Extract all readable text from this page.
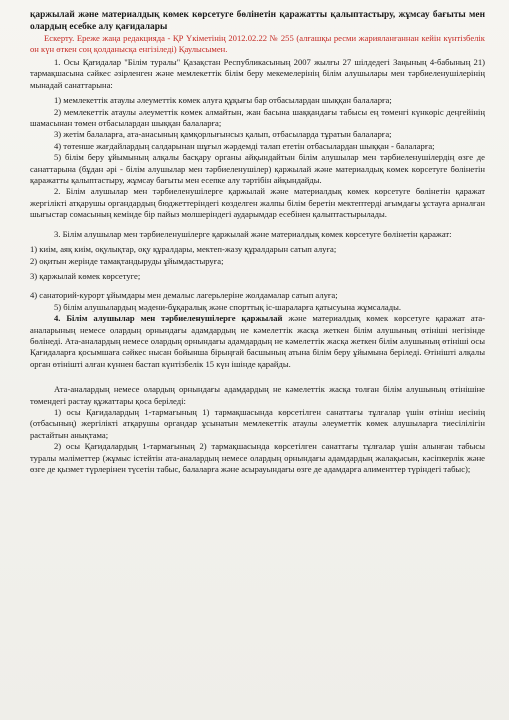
қаржылай және материалдық көмек көрсетуге бөлінетін қаражатты қалыптастыру, жұмсау бағыты мен олардың есебке алу қағидалары

Ескерту. Ереже жаңа редакцияда - ҚР Үкіметінің 2012.02.22 № 255 (алғашқы ресми жарияланғаннан кейін күнтізбелік он күн өткен соң қолданысқа енгізіледі) Қаулысымен.

1. Осы Қағидалар "Білім туралы" Қазақстан Республикасының 2007 жылғы 27 шілдедегі Заңының 4-бабының 21) тармақшасына сәйкес әзірленген және мемлекеттік білім беру мекемелерінің білім алушылары мен тәрбиеленушілерінің мынадай санаттарына:

1) мемлекеттік атаулы әлеуметтік көмек алуға құқығы бар отбасылардан шыққан балаларға;

2) мемлекеттік атаулы әлеуметтік көмек алмайтын, жан басына шаққандағы табысы ең төменгі күнкөріс деңгейінің шамасынан төмен отбасылардан шыққан балаларға;

3) жетім балаларға, ата-анасының қамқорлығынсыз қалып, отбасыларда тұратын балаларға;

4) төтенше жағдайлардың салдарынан шұғыл жәрдемді талап ететін отбасылардан шыққан - балаларға;

5) білім беру ұйымының алқалы басқару органы айқындайтын білім алушылар мен тәрбиеленушілердің өзге де санаттарына (бұдан әрі - білім алушылар мен тәрбиеленушілер) қаржылай және материалдық көмек көрсетуге бөлінетін қаражатты қалыптастыру, жұмсау бағыты мен есепке алу тәртібін айқындайды.

2. Білім алушылар мен тәрбиеленушілерге қаржылай және материалдық көмек көрсетуге бөлінетін қаражат жергілікті атқарушы органдардың бюджеттеріндегі көзделген жалпы білім беретін мектептерді ағымдағы ұстауға арналған шығыстар сомасының кемінде бір пайыз мөлшеріндегі аударымдар есебінен қалыптастырылады.

3. Білім алушылар мен тәрбиеленушілерге қаржылай және материалдық көмек көрсетуге бөлінетін қаражат:

1) киім, аяқ киім, оқулықтар, оқу құралдары, мектеп-жазу құралдарын сатып алуға;

2) оқитын жерінде тамақтандыруды ұйымдастыруға;

3) қаржылай көмек көрсетуге;

4) санаторий-курорт ұйымдары мен демалыс лагерьлеріне жолдамалар сатып алуға;

5) білім алушылардың мәдени-бұқаралық және спорттық іс-шараларға қатысуына жұмсалады.

4. Білім алушылар мен тәрбиеленушілерге қаржылай және материалдық көмек көрсетуге қаражат ата-аналарының немесе олардың орнындағы адамдардың не кәмелеттік жасқа жеткен білім алушының өтініші негізінде бөлінеді. Ата-аналардың немесе олардың орнындағы адамдардың не кәмелеттік жасқа жеткен білім алушының өтініші осы Қағидаларға қосымшаға сәйкес нысан бойынша бірыңғай басшының атына білім беру ұйымына беріледі. Өтінішті алқалы орган өтінішті алған күннен бастап күнтізбелік 15 күн ішінде қарайды.

Ата-аналардың немесе олардың орнындағы адамдардың не кәмелеттік жасқа толған білім алушының өтінішіне төмендегі растау құжаттары қоса беріледі:

1) осы Қағидалардың 1-тармағының 1) тармақшасында көрсетілген санаттағы тұлғалар үшін өтініш иесінің (отбасының) жергілікті атқарушы органдар ұсынатын мемлекеттік атаулы әлеуметтік көмек алушыларға тиесілілігін растайтын анықтама;

2) осы Қағидалардың 1-тармағының 2) тармақшасында көрсетілген санаттағы тұлғалар үшін алынған табысы туралы мәліметтер (жұмыс істейтін ата-аналардың немесе олардың орнындағы адамдардың жалақысын, кәсіпкерлік және өзге де қызмет түрлерінен түсетін табыс, балаларға және асырауындағы өзге де адамдарға алименттер түріндегі табыс);
